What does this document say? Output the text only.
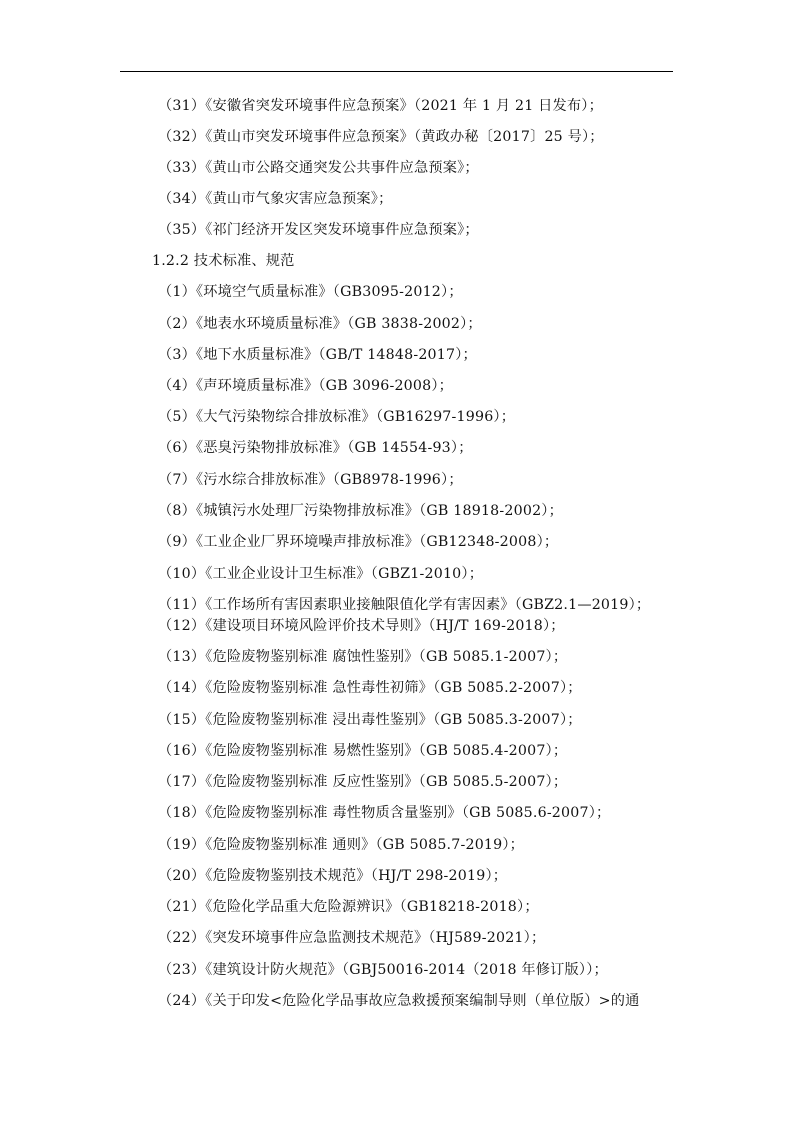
（31）《安徽省突发环境事件应急预案》（2021 年 1 月 21 日发布）；
（32）《黄山市突发环境事件应急预案》（黄政办秘〔2017〕25 号）；
（33）《黄山市公路交通突发公共事件应急预案》；
（34）《黄山市气象灾害应急预案》；
（35）《祁门经济开发区突发环境事件应急预案》；
1.2.2 技术标准、规范
（1）《环境空气质量标准》（GB3095-2012）；
（2）《地表水环境质量标准》（GB 3838-2002）；
（3）《地下水质量标准》（GB/T 14848-2017）；
（4）《声环境质量标准》（GB 3096-2008）；
（5）《大气污染物综合排放标准》（GB16297-1996）；
（6）《恶臭污染物排放标准》（GB 14554-93）；
（7）《污水综合排放标准》（GB8978-1996）；
（8）《城镇污水处理厂污染物排放标准》（GB 18918-2002）；
（9）《工业企业厂界环境噪声排放标准》（GB12348-2008）；
（10）《工业企业设计卫生标准》（GBZ1-2010）；
（11）《工作场所有害因素职业接触限值化学有害因素》（GBZ2.1—2019）；
（12）《建设项目环境风险评价技术导则》（HJ/T 169-2018）；
（13）《危险废物鉴别标准 腐蚀性鉴别》（GB 5085.1-2007）；
（14）《危险废物鉴别标准 急性毒性初筛》（GB 5085.2-2007）；
（15）《危险废物鉴别标准 浸出毒性鉴别》（GB 5085.3-2007）；
（16）《危险废物鉴别标准 易燃性鉴别》（GB 5085.4-2007）；
（17）《危险废物鉴别标准 反应性鉴别》（GB 5085.5-2007）；
（18）《危险废物鉴别标准 毒性物质含量鉴别》（GB 5085.6-2007）；
（19）《危险废物鉴别标准 通则》（GB 5085.7-2019）；
（20）《危险废物鉴别技术规范》（HJ/T 298-2019）；
（21）《危险化学品重大危险源辨识》（GB18218-2018）；
（22）《突发环境事件应急监测技术规范》（HJ589-2021）；
（23）《建筑设计防火规范》（GBJ50016-2014（2018 年修订版））；
（24）《关于印发<危险化学品事故应急救援预案编制导则（单位版）>的通
